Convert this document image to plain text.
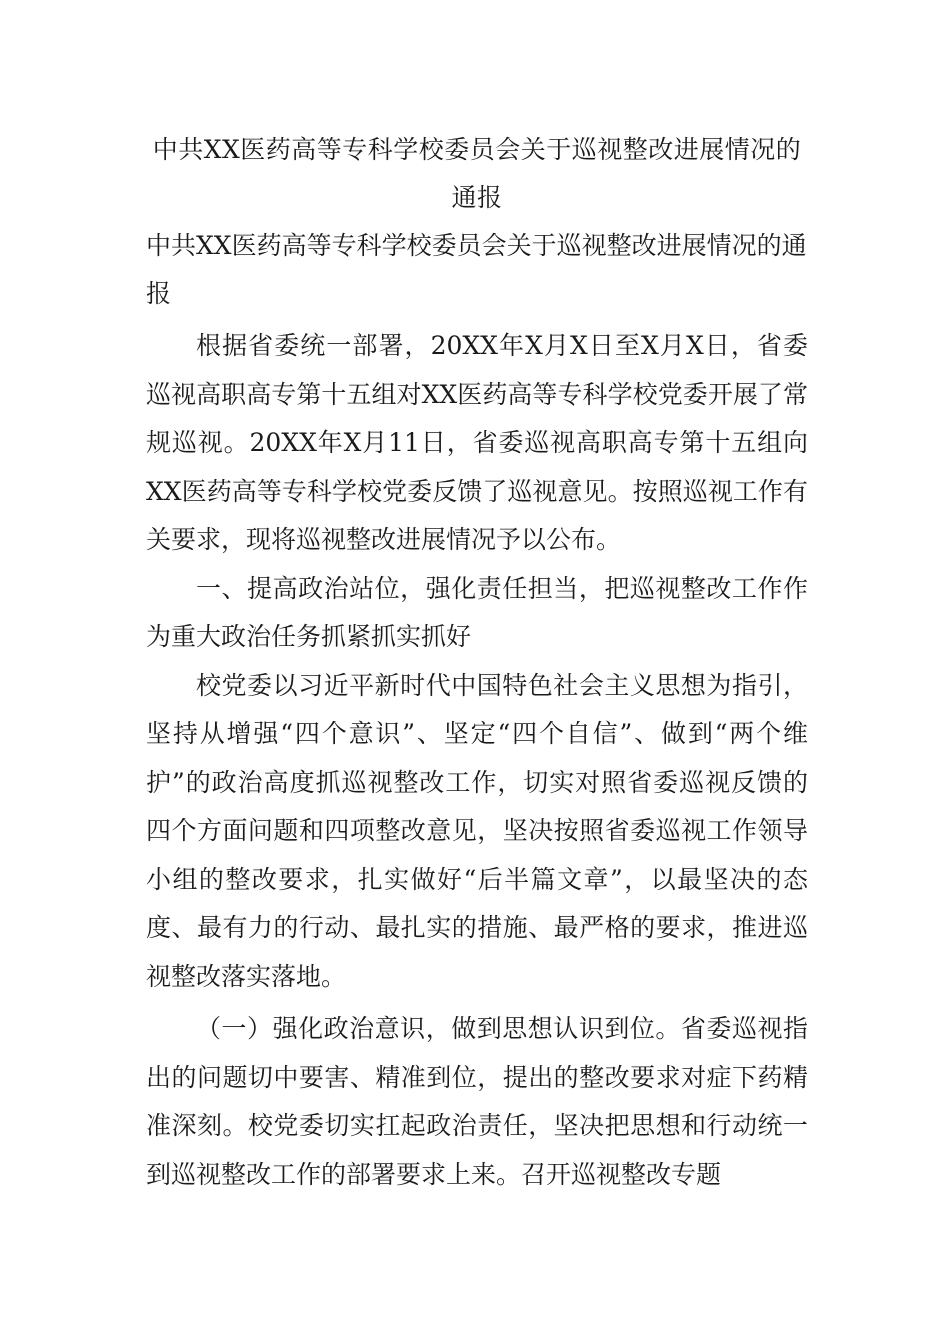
中共XX医药高等专科学校委员会关于巡视整改进展情况的通报

中共XX医药高等专科学校委员会关于巡视整改进展情况的通报

根据省委统一部署，20XX年X月X日至X月X日，省委巡视高职高专第十五组对XX医药高等专科学校党委开展了常规巡视。20XX年X月11日，省委巡视高职高专第十五组向XX医药高等专科学校党委反馈了巡视意见。按照巡视工作有关要求，现将巡视整改进展情况予以公布。

一、提高政治站位，强化责任担当，把巡视整改工作作为重大政治任务抓紧抓实抓好

校党委以习近平新时代中国特色社会主义思想为指引，坚持从增强“四个意识”、坚定“四个自信”、做到“两个维护”的政治高度抓巡视整改工作，切实对照省委巡视反馈的四个方面问题和四项整改意见，坚决按照省委巡视工作领导小组的整改要求，扎实做好“后半篇文章”，以最坚决的态度、最有力的行动、最扎实的措施、最严格的要求，推进巡视整改落实落地。

（一）强化政治意识，做到思想认识到位。省委巡视指出的问题切中要害、精准到位，提出的整改要求对症下药精准深刻。校党委切实扛起政治责任，坚决把思想和行动统一到巡视整改工作的部署要求上来。召开巡视整改专题
